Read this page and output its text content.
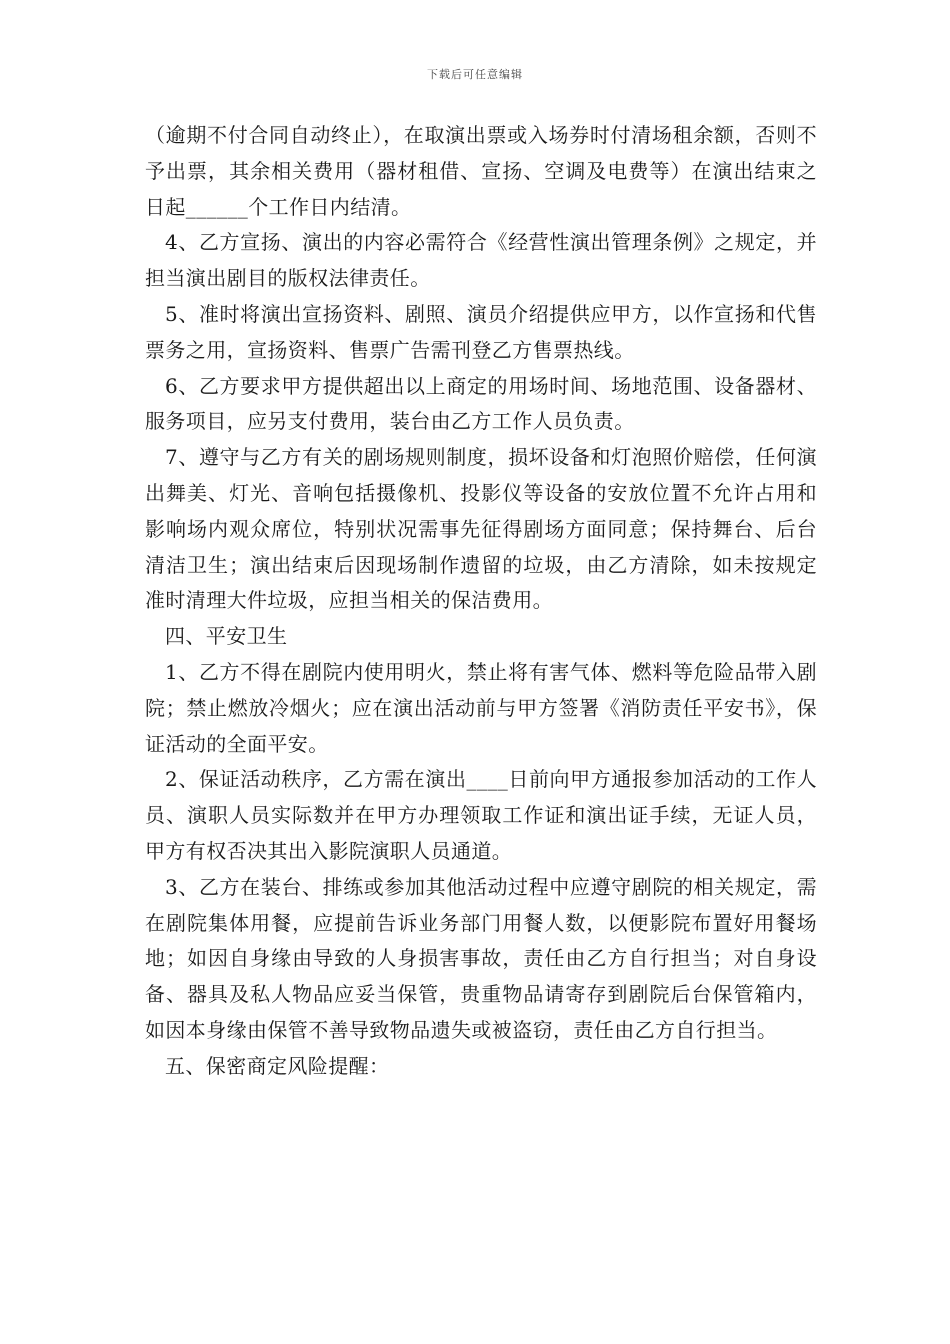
下载后可任意编辑

（逾期不付合同自动终止），在取演出票或入场券时付清场租余额，否则不予出票，其余相关费用（器材租借、宣扬、空调及电费等）在演出结束之日起______个工作日内结清。

4、乙方宣扬、演出的内容必需符合《经营性演出管理条例》之规定，并担当演出剧目的版权法律责任。

5、准时将演出宣扬资料、剧照、演员介绍提供应甲方，以作宣扬和代售票务之用，宣扬资料、售票广告需刊登乙方售票热线。

6、乙方要求甲方提供超出以上商定的用场时间、场地范围、设备器材、服务项目，应另支付费用，装台由乙方工作人员负责。

7、遵守与乙方有关的剧场规则制度，损坏设备和灯泡照价赔偿，任何演出舞美、灯光、音响包括摄像机、投影仪等设备的安放位置不允许占用和影响场内观众席位，特别状况需事先征得剧场方面同意；保持舞台、后台清洁卫生；演出结束后因现场制作遗留的垃圾，由乙方清除，如未按规定准时清理大件垃圾，应担当相关的保洁费用。

四、平安卫生

1、乙方不得在剧院内使用明火，禁止将有害气体、燃料等危险品带入剧院；禁止燃放冷烟火；应在演出活动前与甲方签署《消防责任平安书》，保证活动的全面平安。

2、保证活动秩序，乙方需在演出____日前向甲方通报参加活动的工作人员、演职人员实际数并在甲方办理领取工作证和演出证手续，无证人员，甲方有权否决其出入影院演职人员通道。

3、乙方在装台、排练或参加其他活动过程中应遵守剧院的相关规定，需在剧院集体用餐，应提前告诉业务部门用餐人数，以便影院布置好用餐场地；如因自身缘由导致的人身损害事故，责任由乙方自行担当；对自身设备、器具及私人物品应妥当保管，贵重物品请寄存到剧院后台保管箱内，如因本身缘由保管不善导致物品遗失或被盗窃，责任由乙方自行担当。

五、保密商定风险提醒：
